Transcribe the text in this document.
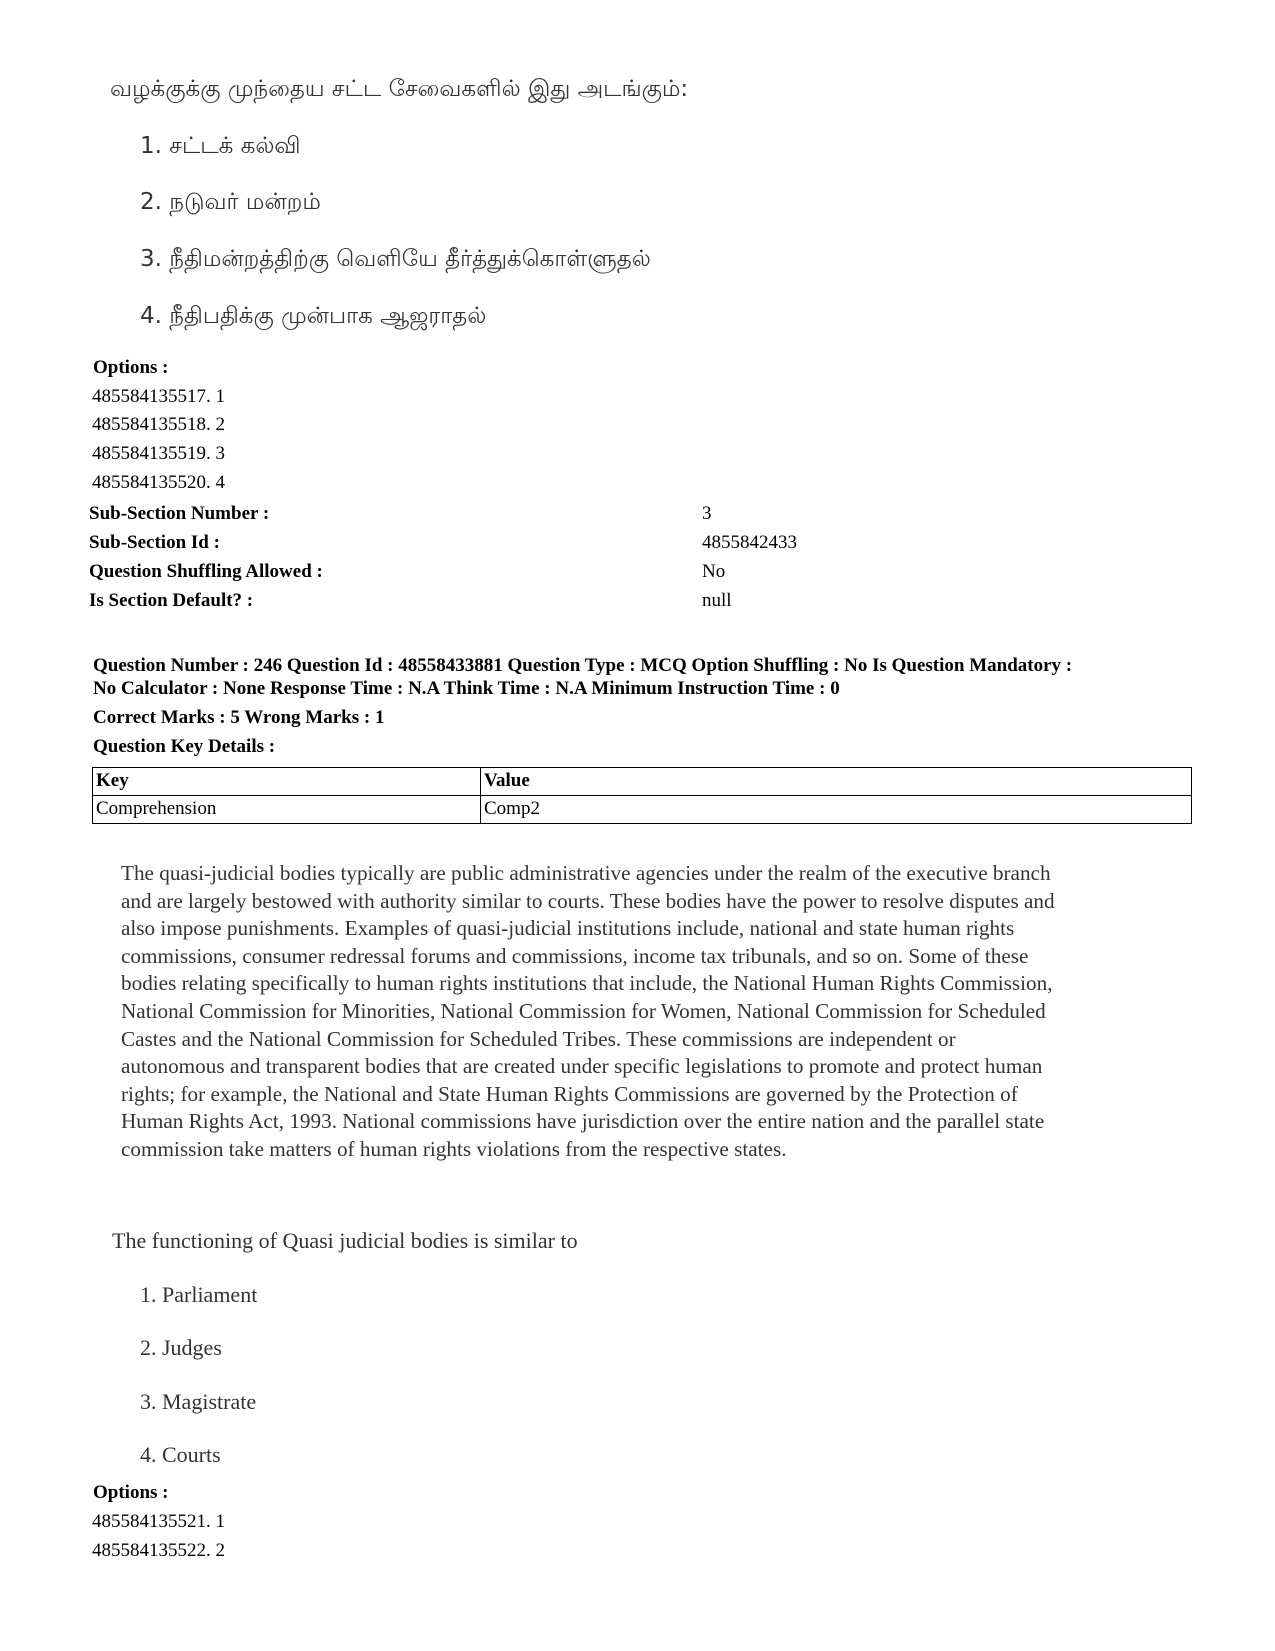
வழக்குக்கு முந்தைய சட்ட சேவைகளில் இது அடங்கும்:
1. சட்டக் கல்வி
2. நடுவர் மன்றம்
3. நீதிமன்றத்திற்கு வெளியே தீர்த்துக்கொள்ளுதல்
4. நீதிபதிக்கு முன்பாக ஆஜராதல்
Options :
485584135517. 1
485584135518. 2
485584135519. 3
485584135520. 4
Sub-Section Number :	3
Sub-Section Id :	4855842433
Question Shuffling Allowed :	No
Is Section Default? :	null
Question Number : 246 Question Id : 48558433881 Question Type : MCQ Option Shuffling : No Is Question Mandatory :
No Calculator : None Response Time : N.A Think Time : N.A Minimum Instruction Time : 0
Correct Marks : 5 Wrong Marks : 1
Question Key Details :
Key	Value
Comprehension	Comp2

The quasi-judicial bodies typically are public administrative agencies under the realm of the executive branch

and are largely bestowed with authority similar to courts. These bodies have the power to resolve disputes and

also impose punishments. Examples of quasi-judicial institutions include, national and state human rights

commissions, consumer redressal forums and commissions, income tax tribunals, and so on. Some of these

bodies relating specifically to human rights institutions that include, the National Human Rights Commission,

National Commission for Minorities, National Commission for Women, National Commission for Scheduled

Castes and the National Commission for Scheduled Tribes. These commissions are independent or

autonomous and transparent bodies that are created under specific legislations to promote and protect human

rights; for example, the National and State Human Rights Commissions are governed by the Protection of

Human Rights Act, 1993. National commissions have jurisdiction over the entire nation and the parallel state

commission take matters of human rights violations from the respective states.

The functioning of Quasi judicial bodies is similar to
1. Parliament
2. Judges
3. Magistrate
4. Courts
Options :
485584135521. 1
485584135522. 2
